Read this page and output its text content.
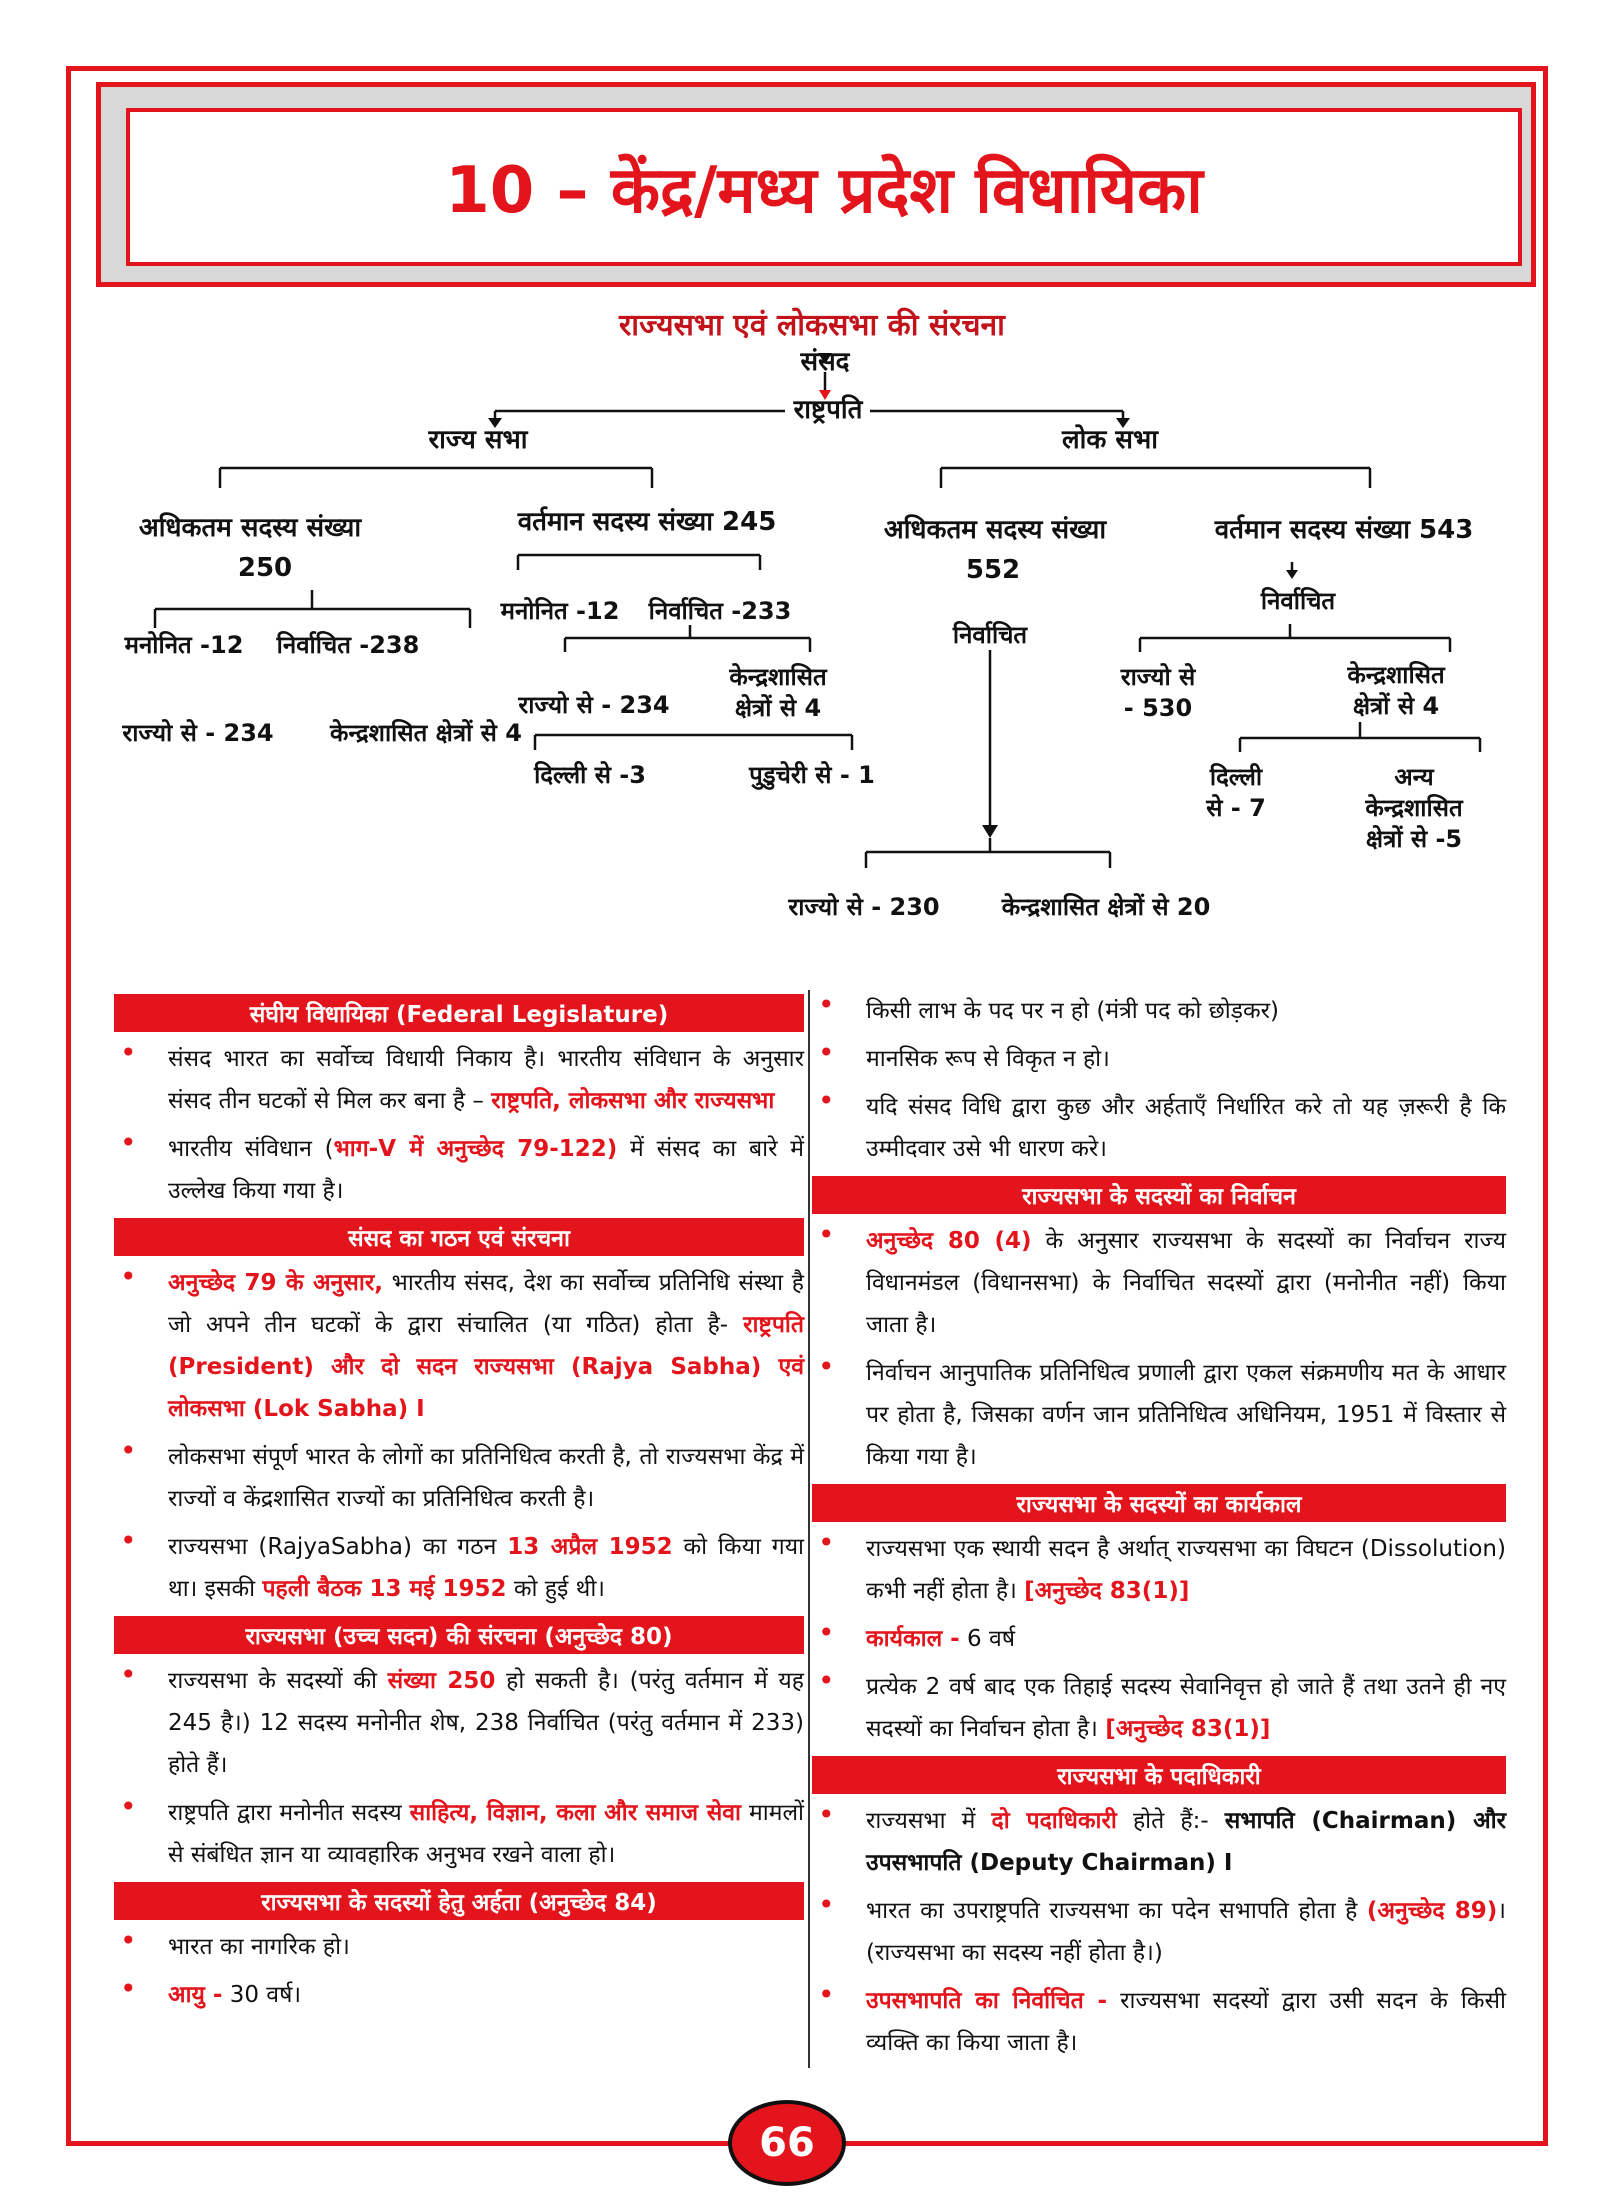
10 – केंद्र/मध्य प्रदेश विधायिका
राज्यसभा एवं लोकसभा की संरचना
संसद
राष्ट्रपति
राज्य सभा	लोक सभा
अधिकतम सदस्य संख्या
250
मनोनित -12 निर्वाचित -238
राज्यो से - 234 केन्द्रशासित क्षेत्रों से 4
वर्तमान सदस्य संख्या 245
मनोनित -12 निर्वाचित -233
राज्यो से - 234
केन्द्रशासित
क्षेत्रों से 4
दिल्ली से -3	पुडुचेरी से - 1
अधिकतम सदस्य संख्या
552
निर्वाचित
राज्यो से - 230	केन्द्रशासित क्षेत्रों से 20
वर्तमान सदस्य संख्या 543
निर्वाचित
राज्यो से
- 530
केन्द्रशासित
क्षेत्रों से 4
दिल्ली
से - 7
अन्य
केन्द्रशासित
क्षेत्रों से -5
संघीय विधायिका (Federal Legislature)
• संसद भारत का सर्वोच्च विधायी निकाय है। भारतीय संविधान के अनुसार संसद तीन घटकों से मिल कर बना है – राष्ट्रपति, लोकसभा और राज्यसभा
• भारतीय संविधान (भाग-V में अनुच्छेद 79-122) में संसद का बारे में उल्लेख किया गया है।
संसद का गठन एवं संरचना
• अनुच्छेद 79 के अनुसार, भारतीय संसद, देश का सर्वोच्च प्रतिनिधि संस्था है जो अपने तीन घटकों के द्वारा संचालित (या गठित) होता है- राष्ट्रपति (President) और दो सदन राज्यसभा (Rajya Sabha) एवं लोकसभा (Lok Sabha) I
• लोकसभा संपूर्ण भारत के लोगों का प्रतिनिधित्व करती है, तो राज्यसभा केंद्र में राज्यों व केंद्रशासित राज्यों का प्रतिनिधित्व करती है।
• राज्यसभा (RajyaSabha) का गठन 13 अप्रैल 1952 को किया गया था। इसकी पहली बैठक 13 मई 1952 को हुई थी।
राज्यसभा (उच्च सदन) की संरचना (अनुच्छेद 80)
• राज्यसभा के सदस्यों की संख्या 250 हो सकती है। (परंतु वर्तमान में यह 245 है।) 12 सदस्य मनोनीत शेष, 238 निर्वाचित (परंतु वर्तमान में 233) होते हैं।
• राष्ट्रपति द्वारा मनोनीत सदस्य साहित्य, विज्ञान, कला और समाज सेवा मामलों से संबंधित ज्ञान या व्यावहारिक अनुभव रखने वाला हो।
राज्यसभा के सदस्यों हेतु अर्हता (अनुच्छेद 84)
• भारत का नागरिक हो।
• आयु - 30 वर्ष।
• किसी लाभ के पद पर न हो (मंत्री पद को छोड़कर)
• मानसिक रूप से विकृत न हो।
• यदि संसद विधि द्वारा कुछ और अर्हताएँ निर्धारित करे तो यह ज़रूरी है कि उम्मीदवार उसे भी धारण करे।
राज्यसभा के सदस्यों का निर्वाचन
• अनुच्छेद 80 (4) के अनुसार राज्यसभा के सदस्यों का निर्वाचन राज्य विधानमंडल (विधानसभा) के निर्वाचित सदस्यों द्वारा (मनोनीत नहीं) किया जाता है।
• निर्वाचन आनुपातिक प्रतिनिधित्व प्रणाली द्वारा एकल संक्रमणीय मत के आधार पर होता है, जिसका वर्णन जान प्रतिनिधित्व अधिनियम, 1951 में विस्तार से किया गया है।
राज्यसभा के सदस्यों का कार्यकाल
• राज्यसभा एक स्थायी सदन है अर्थात् राज्यसभा का विघटन (Dissolution) कभी नहीं होता है। [अनुच्छेद 83(1)]
• कार्यकाल - 6 वर्ष
• प्रत्येक 2 वर्ष बाद एक तिहाई सदस्य सेवानिवृत्त हो जाते हैं तथा उतने ही नए सदस्यों का निर्वाचन होता है। [अनुच्छेद 83(1)]
राज्यसभा के पदाधिकारी
• राज्यसभा में दो पदाधिकारी होते हैं:- सभापति (Chairman) और उपसभापति (Deputy Chairman) I
• भारत का उपराष्ट्रपति राज्यसभा का पदेन सभापति होता है (अनुच्छेद 89)। (राज्यसभा का सदस्य नहीं होता है।)
• उपसभापति का निर्वाचित - राज्यसभा सदस्यों द्वारा उसी सदन के किसी व्यक्ति का किया जाता है।
66
